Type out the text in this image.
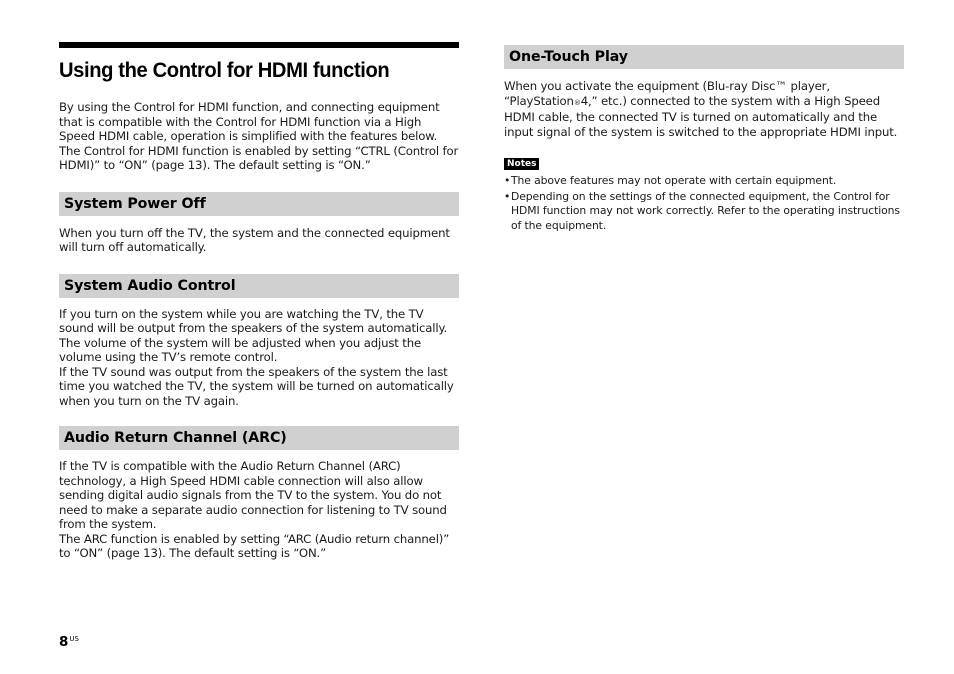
Using the Control for HDMI function

By using the Control for HDMI function, and connecting equipment that is compatible with the Control for HDMI function via a High Speed HDMI cable, operation is simplified with the features below. The Control for HDMI function is enabled by setting “CTRL (Control for HDMI)” to “ON” (page 13). The default setting is “ON.”

System Power Off

When you turn off the TV, the system and the connected equipment will turn off automatically.

System Audio Control

If you turn on the system while you are watching the TV, the TV sound will be output from the speakers of the system automatically. The volume of the system will be adjusted when you adjust the volume using the TV’s remote control.

If the TV sound was output from the speakers of the system the last time you watched the TV, the system will be turned on automatically when you turn on the TV again.

Audio Return Channel (ARC)

If the TV is compatible with the Audio Return Channel (ARC) technology, a High Speed HDMI cable connection will also allow sending digital audio signals from the TV to the system. You do not need to make a separate audio connection for listening to TV sound from the system.

The ARC function is enabled by setting “ARC (Audio return channel)” to “ON” (page 13). The default setting is “ON.”

One-Touch Play

When you activate the equipment (Blu-ray Disc™ player, “PlayStation®4,” etc.) connected to the system with a High Speed HDMI cable, the connected TV is turned on automatically and the input signal of the system is switched to the appropriate HDMI input.

Notes

• The above features may not operate with certain equipment.

• Depending on the settings of the connected equipment, the Control for HDMI function may not work correctly. Refer to the operating instructions of the equipment.

$8^{US}$
